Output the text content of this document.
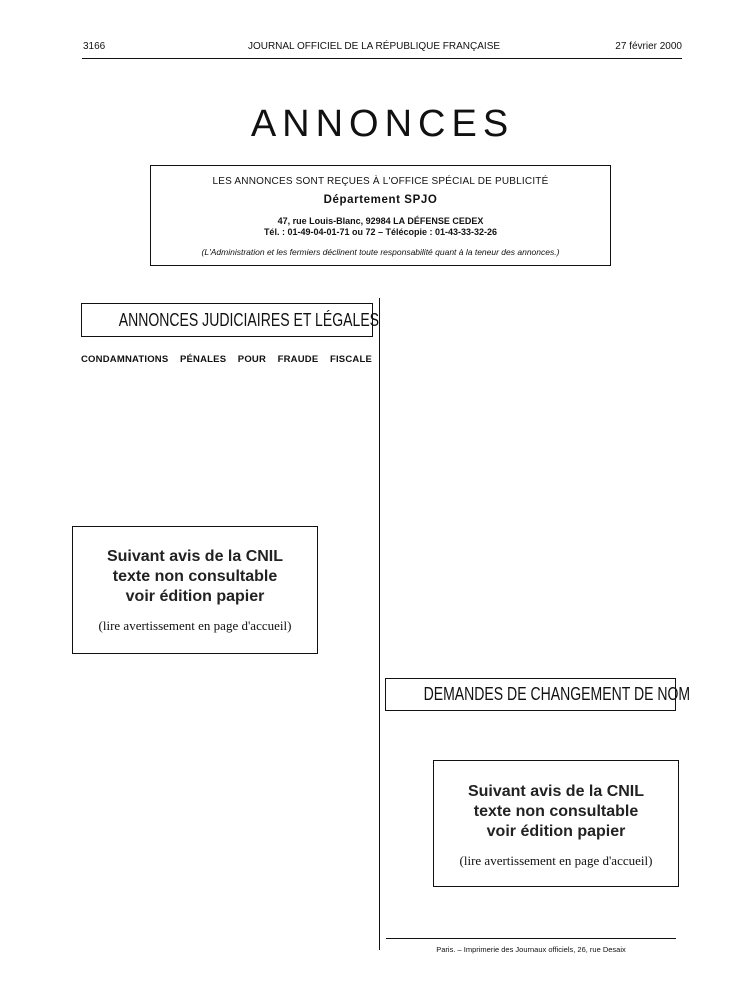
3166	JOURNAL OFFICIEL DE LA RÉPUBLIQUE FRANÇAISE	27 février 2000
ANNONCES
LES ANNONCES SONT REÇUES À L'OFFICE SPÉCIAL DE PUBLICITÉ
Département SPJO
47, rue Louis-Blanc, 92984 LA DÉFENSE CEDEX
Tél. : 01-49-04-01-71 ou 72 – Télécopie : 01-43-33-32-26
(L'Administration et les fermiers déclinent toute responsabilité quant à la teneur des annonces.)
ANNONCES JUDICIAIRES ET LÉGALES
CONDAMNATIONS PÉNALES POUR FRAUDE FISCALE
Suivant avis de la CNIL
texte non consultable
voir édition papier
(lire avertissement en page d'accueil)
DEMANDES DE CHANGEMENT DE NOM
Suivant avis de la CNIL
texte non consultable
voir édition papier
(lire avertissement en page d'accueil)
Paris. – Imprimerie des Journaux officiels, 26, rue Desaix
